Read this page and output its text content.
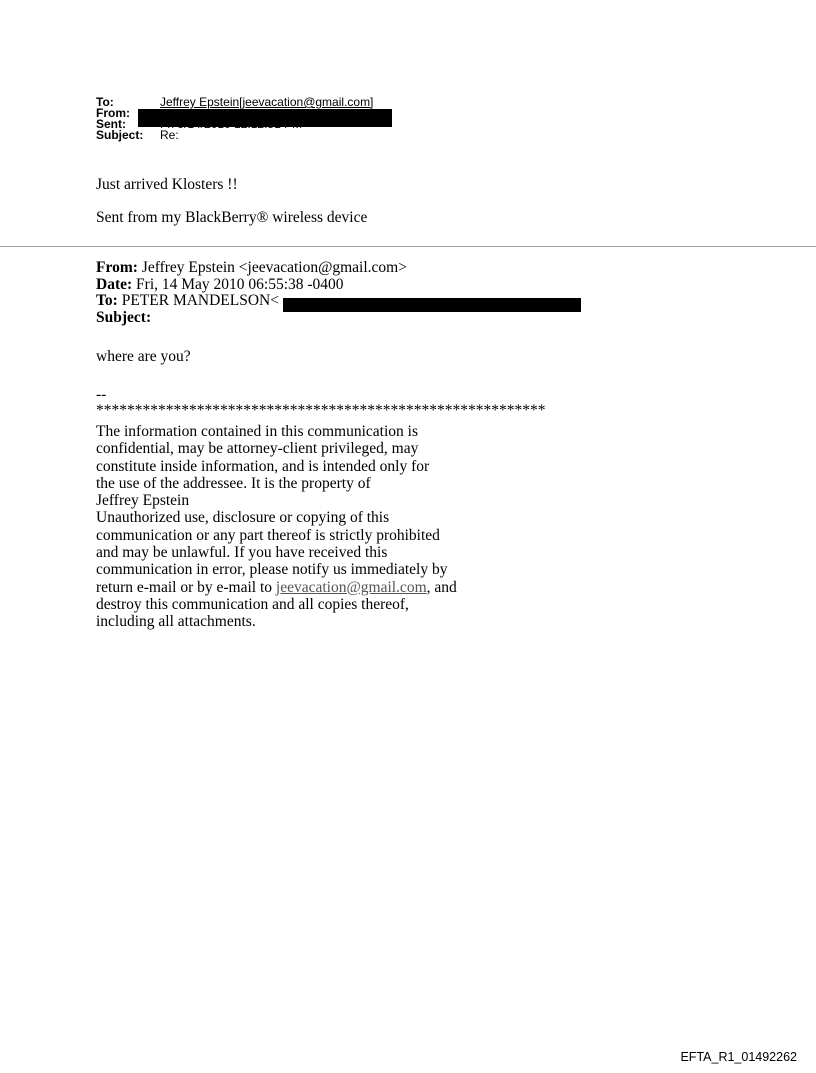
To:	Jeffrey Epstein[jeevacation@gmail.com]
From:
Sent:
Subject:	Re:
Just arrived Klosters !!
Sent from my BlackBerry® wireless device
From: Jeffrey Epstein <jeevacation@gmail.com>
Date: Fri, 14 May 2010 06:55:38 -0400
To: PETER MANDELSON<
Subject:
where are you?
--
**********************************************************
The information contained in this communication is
confidential, may be attorney-client privileged, may
constitute inside information, and is intended only for
the use of the addressee. It is the property of
Jeffrey Epstein
Unauthorized use, disclosure or copying of this
communication or any part thereof is strictly prohibited
and may be unlawful. If you have received this
communication in error, please notify us immediately by
return e-mail or by e-mail to jeevacation@gmail.com, and
destroy this communication and all copies thereof,
including all attachments.
EFTA_R1_01492262
